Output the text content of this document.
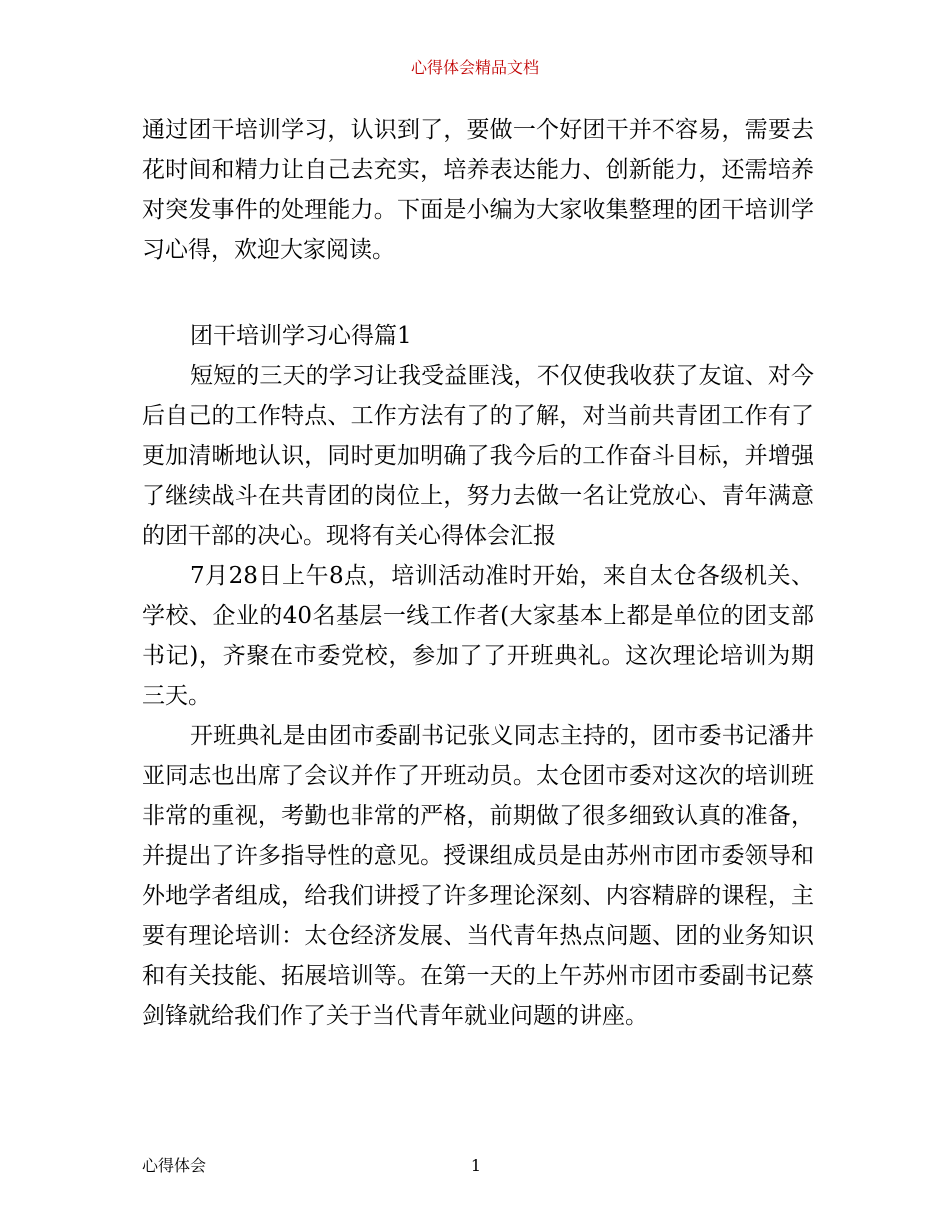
心得体会精品文档

通过团干培训学习，认识到了，要做一个好团干并不容易，需要去花时间和精力让自己去充实，培养表达能力、创新能力，还需培养对突发事件的处理能力。下面是小编为大家收集整理的团干培训学习心得，欢迎大家阅读。

团干培训学习心得篇1

短短的三天的学习让我受益匪浅，不仅使我收获了友谊、对今后自己的工作特点、工作方法有了的了解，对当前共青团工作有了更加清晰地认识，同时更加明确了我今后的工作奋斗目标，并增强了继续战斗在共青团的岗位上，努力去做一名让党放心、青年满意的团干部的决心。现将有关心得体会汇报

7月28日上午8点，培训活动准时开始，来自太仓各级机关、学校、企业的40名基层一线工作者(大家基本上都是单位的团支部书记)，齐聚在市委党校，参加了了开班典礼。这次理论培训为期三天。

开班典礼是由团市委副书记张义同志主持的，团市委书记潘井亚同志也出席了会议并作了开班动员。太仓团市委对这次的培训班非常的重视，考勤也非常的严格，前期做了很多细致认真的准备，并提出了许多指导性的意见。授课组成员是由苏州市团市委领导和外地学者组成，给我们讲授了许多理论深刻、内容精辟的课程，主要有理论培训：太仓经济发展、当代青年热点问题、团的业务知识和有关技能、拓展培训等。在第一天的上午苏州市团市委副书记蔡剑锋就给我们作了关于当代青年就业问题的讲座。

心得体会	1
